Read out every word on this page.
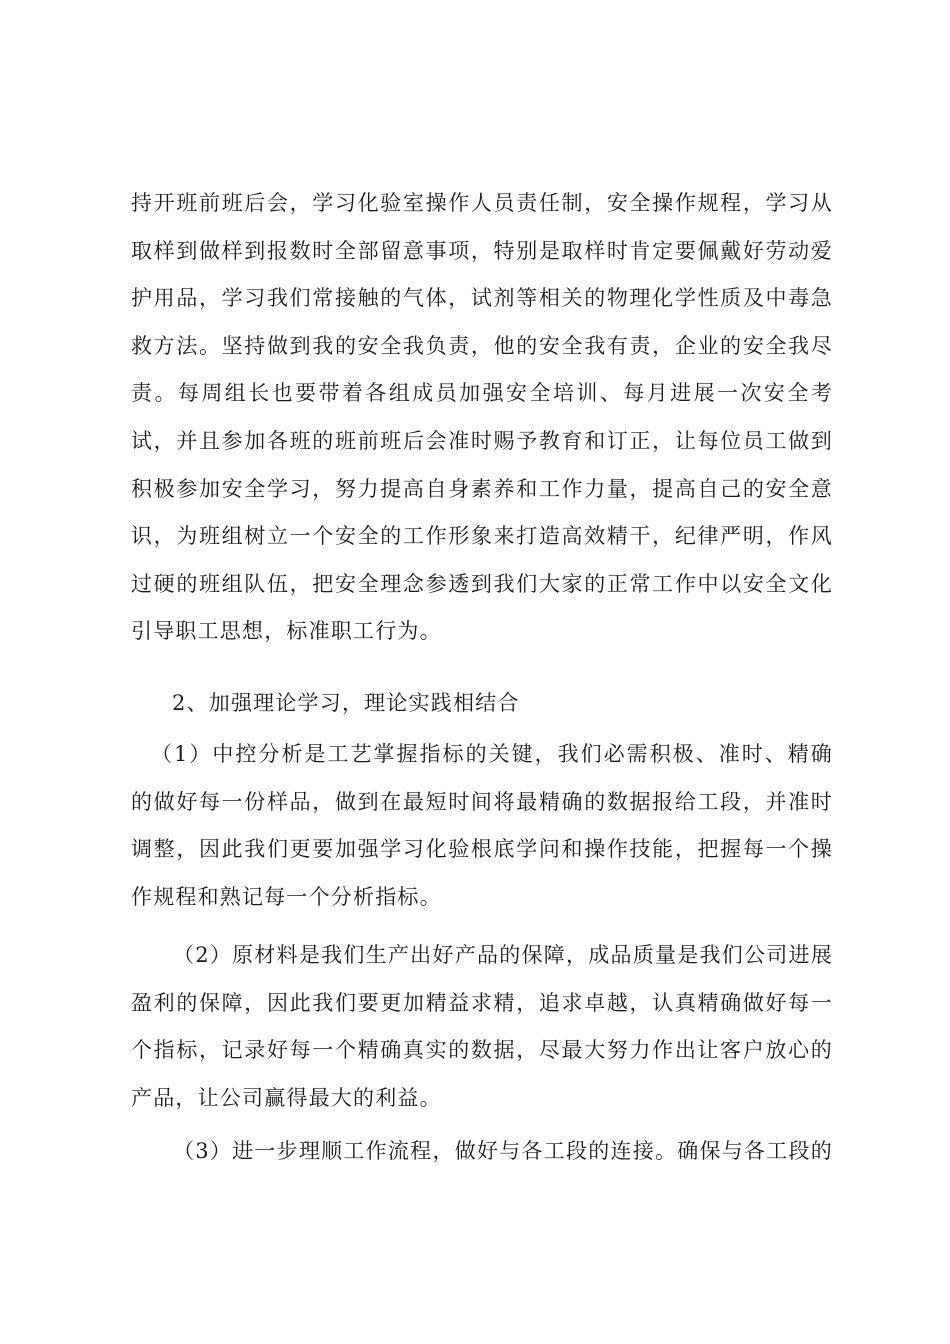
持开班前班后会，学习化验室操作人员责任制，安全操作规程，学习从
取样到做样到报数时全部留意事项，特别是取样时肯定要佩戴好劳动爱
护用品，学习我们常接触的气体，试剂等相关的物理化学性质及中毒急
救方法。坚持做到我的安全我负责，他的安全我有责，企业的安全我尽
责。每周组长也要带着各组成员加强安全培训、每月进展一次安全考
试，并且参加各班的班前班后会准时赐予教育和订正，让每位员工做到
积极参加安全学习，努力提高自身素养和工作力量，提高自己的安全意
识，为班组树立一个安全的工作形象来打造高效精干，纪律严明，作风
过硬的班组队伍，把安全理念参透到我们大家的正常工作中以安全文化
引导职工思想，标准职工行为。
2、加强理论学习，理论实践相结合
（1）中控分析是工艺掌握指标的关键，我们必需积极、准时、精确
的做好每一份样品，做到在最短时间将最精确的数据报给工段，并准时
调整，因此我们更要加强学习化验根底学问和操作技能，把握每一个操
作规程和熟记每一个分析指标。
（2）原材料是我们生产出好产品的保障，成品质量是我们公司进展
盈利的保障，因此我们要更加精益求精，追求卓越，认真精确做好每一
个指标，记录好每一个精确真实的数据，尽最大努力作出让客户放心的
产品，让公司赢得最大的利益。
（3）进一步理顺工作流程，做好与各工段的连接。确保与各工段的
